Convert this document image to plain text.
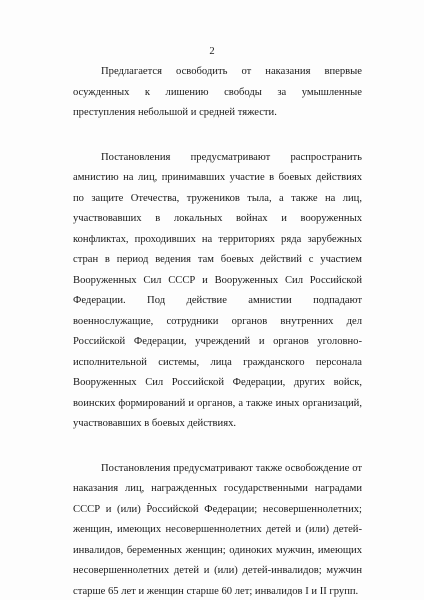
2

Предлагается освободить от наказания впервые осужденных к лишению свободы за умышленные преступления небольшой и средней тяжести.

Постановления предусматривают распространить амнистию на лиц, принимавших участие в боевых действиях по защите Отечества, тружеников тыла, а также на лиц, участвовавших в локальных войнах и вооруженных конфликтах, проходивших на территориях ряда зарубежных стран в период ведения там боевых действий с участием Вооруженных Сил СССР и Вооруженных Сил Российской Федерации. Под действие амнистии подпадают военнослужащие, сотрудники органов внутренних дел Российской Федерации, учреждений и органов уголовно-исполнительной системы, лица гражданского персонала Вооруженных Сил Российской Федерации, других войск, воинских формирований и органов, а также иных организаций, участвовавших в боевых действиях.

Постановления предусматривают также освобождение от наказания лиц, награжденных государственными наградами СССР и (или) Российской Федерации; несовершеннолетних; женщин, имеющих несовершеннолетних детей и (или) детей-инвалидов, беременных женщин; одиноких мужчин, имеющих несовершеннолетних детей и (или) детей-инвалидов; мужчин старше 65 лет и женщин старше 60 лет; инвалидов I и II групп.
